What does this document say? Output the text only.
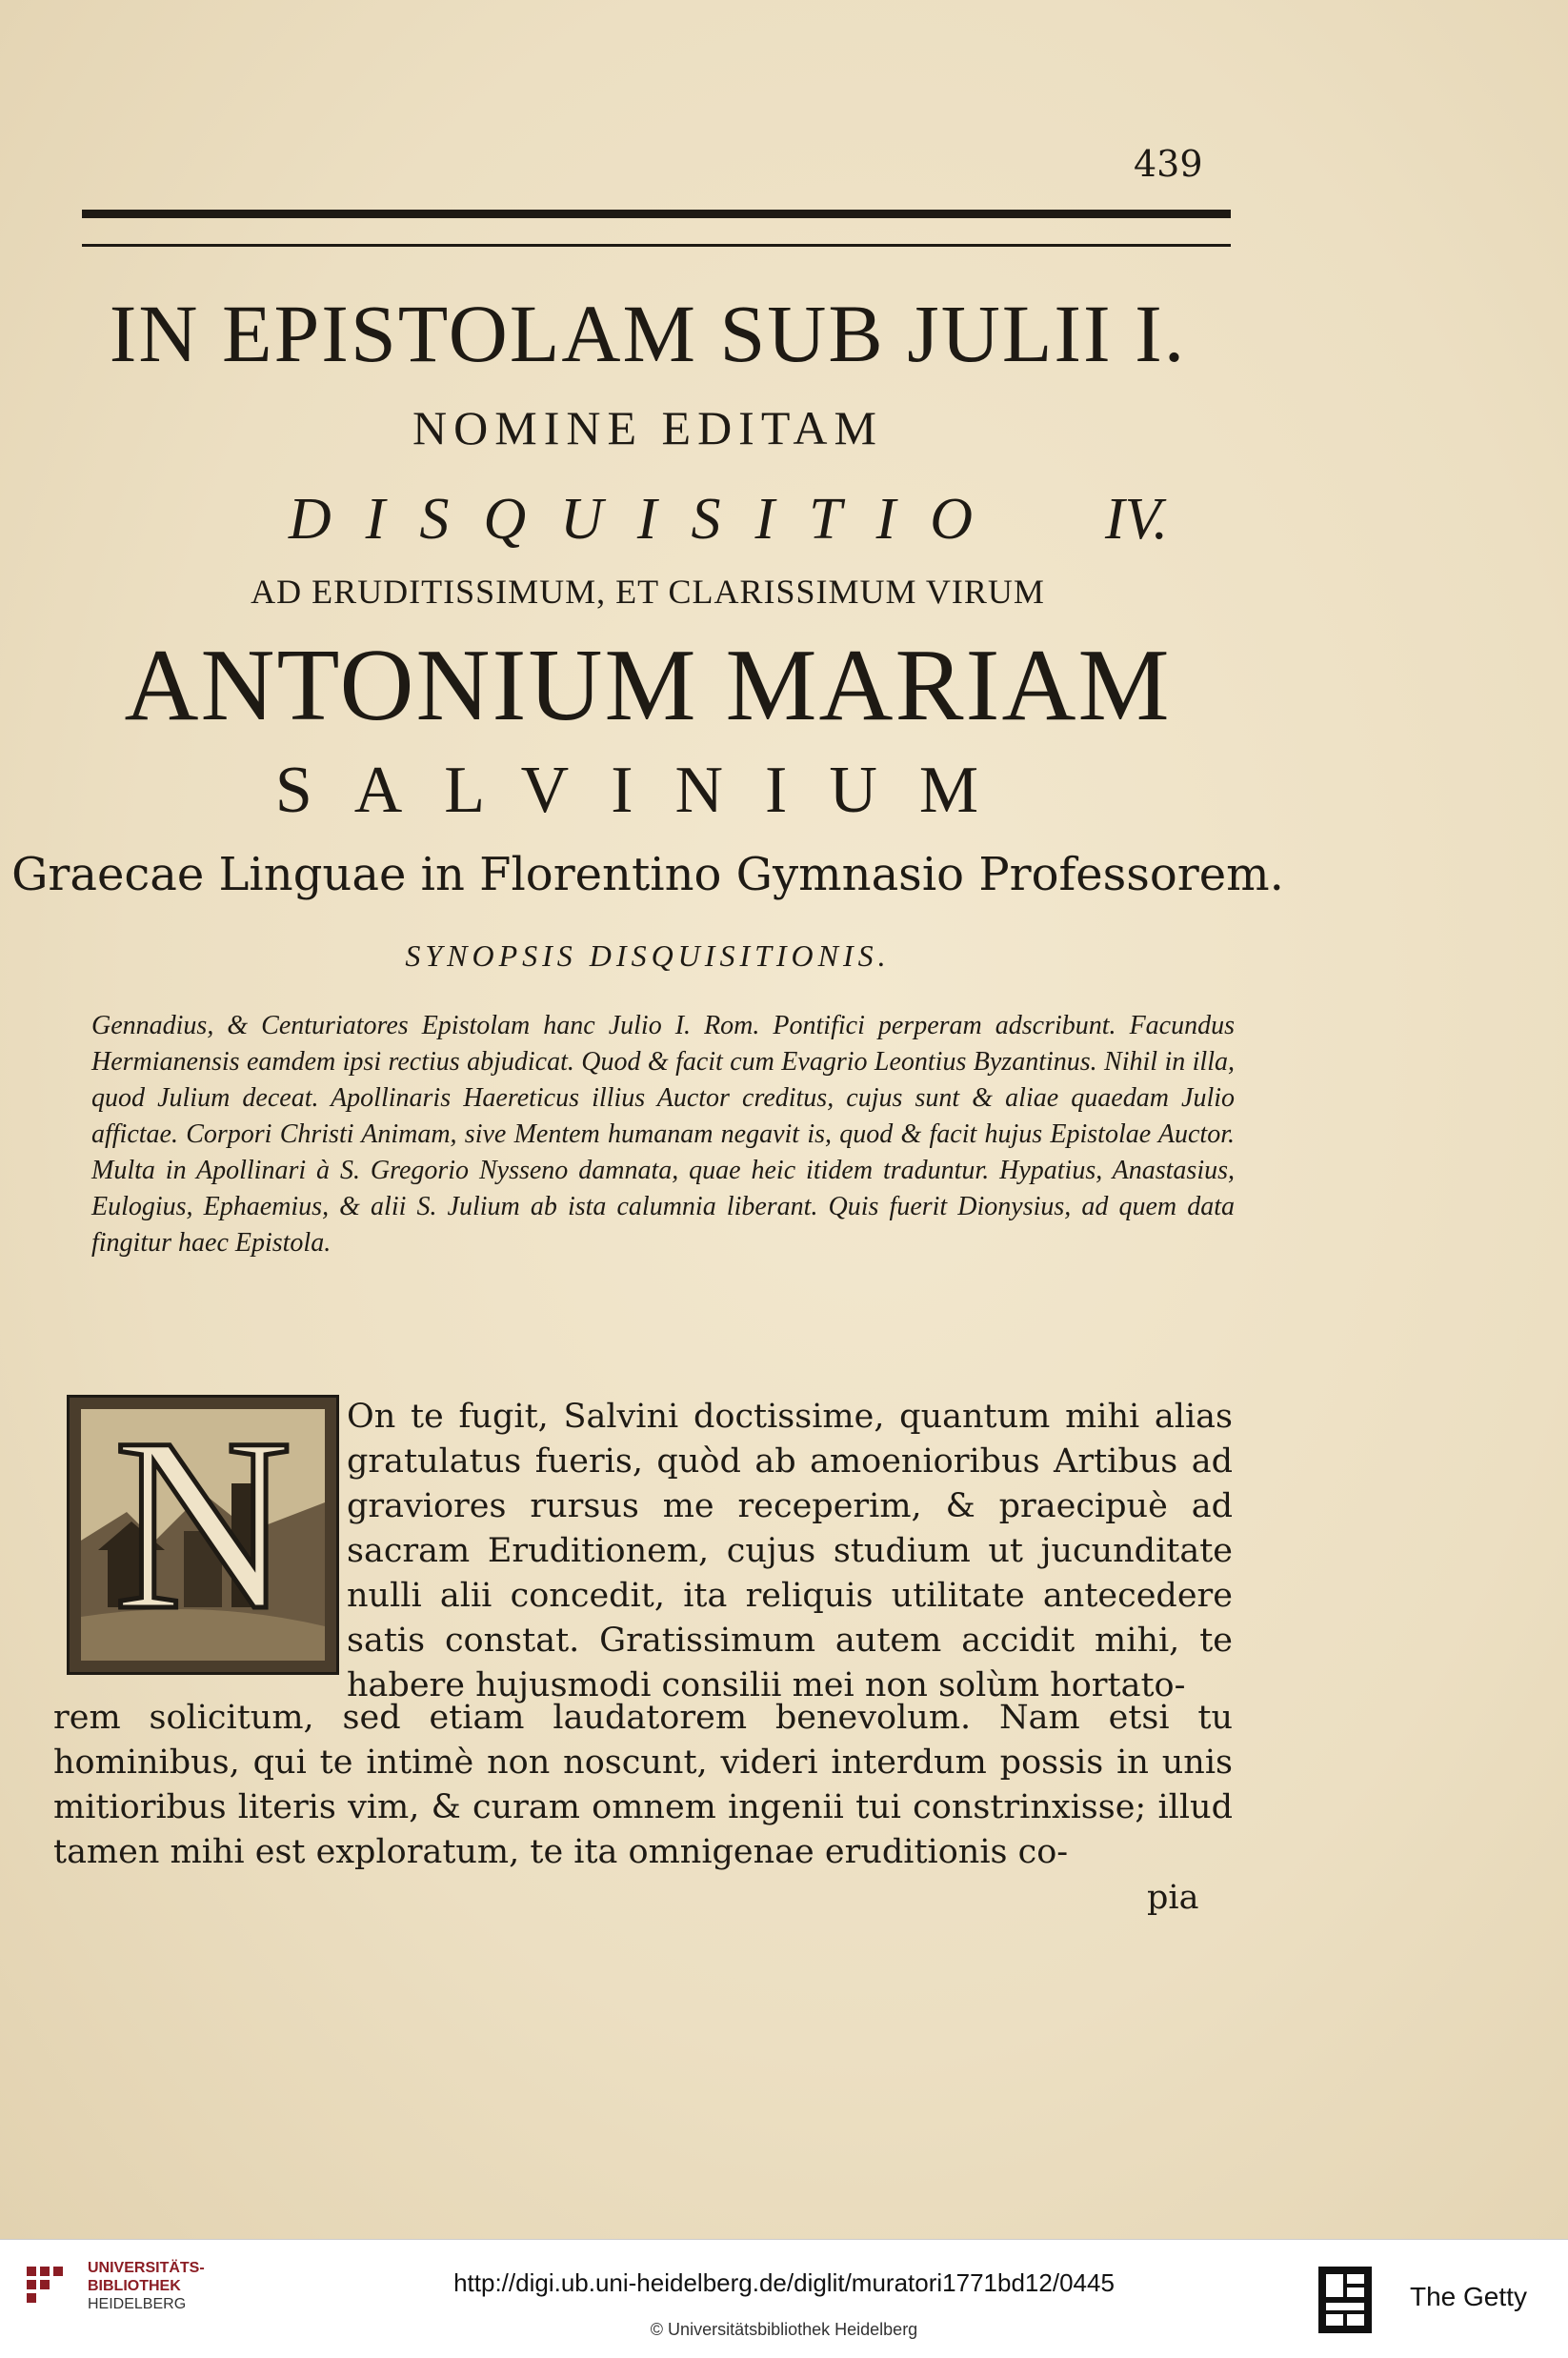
439
IN EPISTOLAM SUB JULII I.
NOMINE EDITAM
DISQUISITIO	IV.
AD ERUDITISSIMUM, ET CLARISSIMUM VIRUM
ANTONIUM MARIAM
SALVINIUM
Graecae Linguae in Florentino Gymnasio Professorem.
SYNOPSIS DISQUISITIONIS.
Gennadius, & Centuriatores Epistolam hanc Julio I. Rom. Pontifici perperam adscribunt. Facundus Hermianensis eamdem ipsi rectius abjudicat. Quod & facit cum Evagrio Leontius Byzantinus. Nihil in illa, quod Julium deceat. Apollinaris Haereticus illius Auctor creditus, cujus sunt & aliae quaedam Julio affictae. Corpori Christi Animam, sive Mentem humanam negavit is, quod & facit hujus Epistolae Auctor. Multa in Apollinari à S. Gregorio Nysseno damnata, quae heic itidem traduntur. Hypatius, Anastasius, Eulogius, Ephaemius, & alii S. Julium ab ista calumnia liberant. Quis fuerit Dionysius, ad quem data fingitur haec Epistola.
N On te fugit, Salvini doctissime, quantum mihi alias gratulatus fueris, quòd ab amoenioribus Artibus ad graviores rursus me receperim, & praecipuè ad sacram Eruditionem, cujus studium ut jucunditate nulli alii concedit, ita reliquis utilitate antecedere satis constat. Gratissimum autem accidit mihi, te habere hujusmodi consilii mei non solùm hortato-
rem solicitum, sed etiam laudatorem benevolum. Nam etsi tu hominibus, qui te intimè non noscunt, videri interdum possis in unis mitioribus literis vim, & curam omnem ingenii tui constrinxisse; illud tamen mihi est exploratum, te ita omnigenae eruditionis co-
pia
UNIVERSITÄTS-
BIBLIOTHEK
HEIDELBERG
http://digi.ub.uni-heidelberg.de/diglit/muratori1771bd12/0445
© Universitätsbibliothek Heidelberg
The Getty
